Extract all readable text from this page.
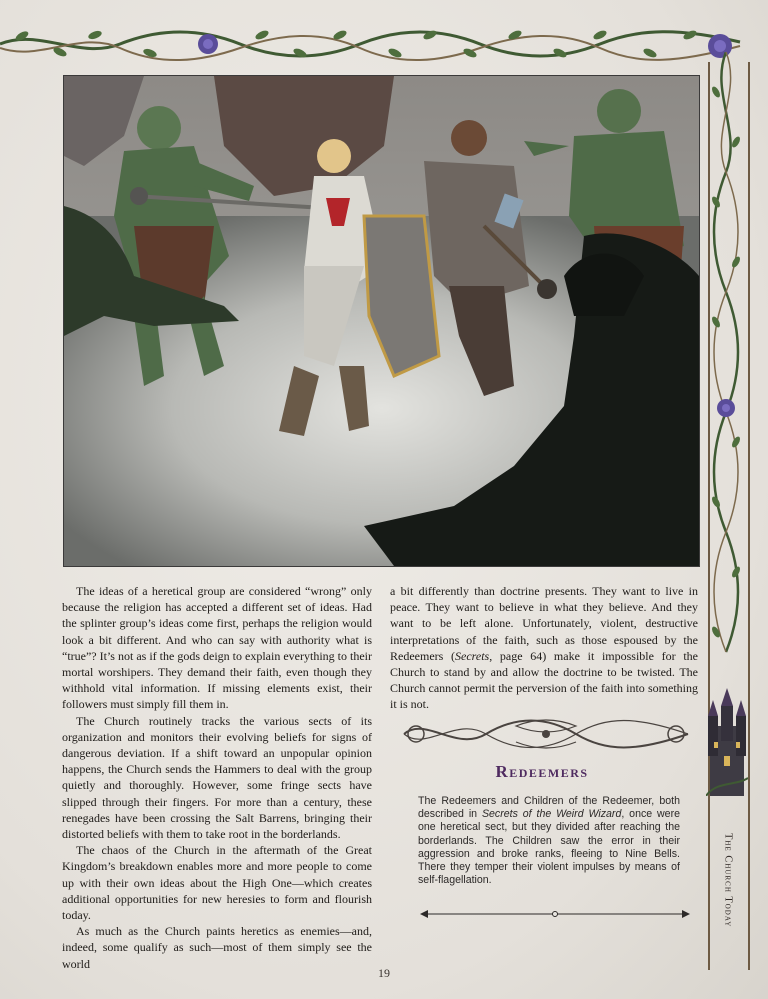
The ideas of a heretical group are considered “wrong” only because the religion has accepted a different set of ideas. Had the splinter group’s ideas come first, perhaps the religion would look a bit different. And who can say with authority what is “true”? It’s not as if the gods deign to explain everything to their mortal worshipers. They demand their faith, even though they withhold vital information. If missing elements exist, their followers must simply fill them in.

The Church routinely tracks the various sects of its organization and monitors their evolving beliefs for signs of dangerous deviation. If a shift toward an unpopular opinion happens, the Church sends the Hammers to deal with the group quietly and thoroughly. However, some fringe sects have slipped through their fingers. For more than a century, these renegades have been crossing the Salt Barrens, bringing their distorted beliefs with them to take root in the borderlands.

The chaos of the Church in the aftermath of the Great Kingdom’s breakdown enables more and more people to come up with their own ideas about the High One—which creates additional opportunities for new heresies to form and flourish today.

As much as the Church paints heretics as enemies—and, indeed, some qualify as such—most of them simply see the world

a bit differently than doctrine presents. They want to live in peace. They want to believe in what they believe. And they want to be left alone. Unfortunately, violent, destructive interpretations of the faith, such as those espoused by the Redeemers (Secrets, page 64) make it impossible for the Church to stand by and allow the doctrine to be twisted. The Church cannot permit the perversion of the faith into something it is not.

Redeemers
The Redeemers and Children of the Redeemer, both described in Secrets of the Weird Wizard, once were one heretical sect, but they divided after reaching the borderlands. The Children saw the error in their aggression and broke ranks, fleeing to Nine Bells. There they temper their violent impulses by means of self-flagellation.	The Church Today
19
